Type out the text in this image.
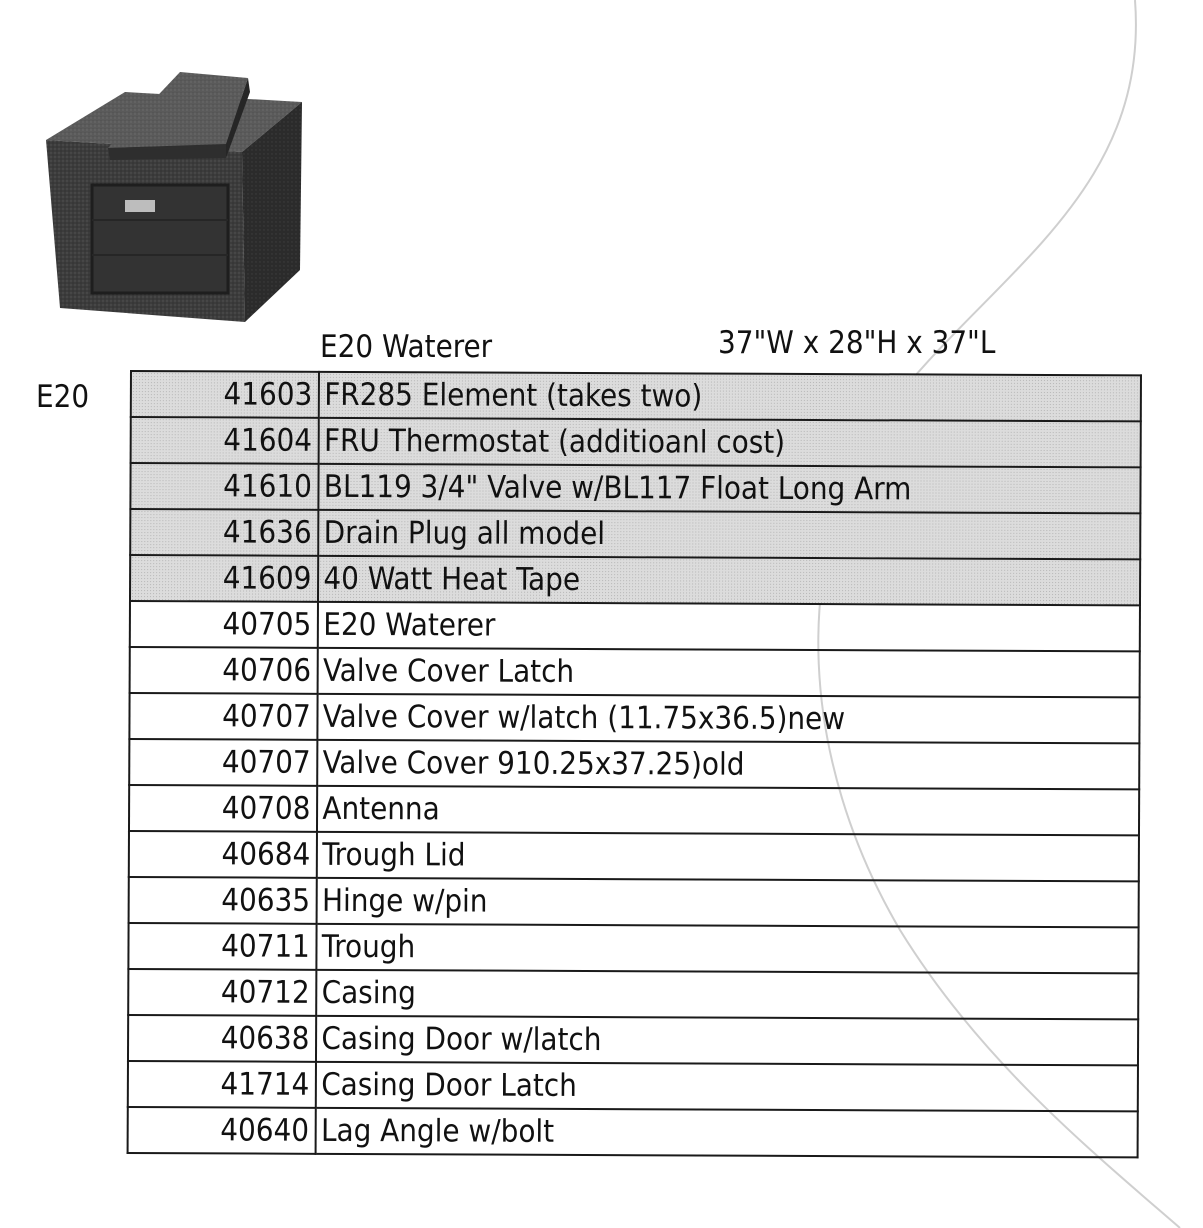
E20
E20 Waterer	37"W x 28"H x 37"L
41603	FR285 Element (takes two)
41604	FRU Thermostat (additioanl cost)
41610	BL119 3/4" Valve w/BL117 Float Long Arm
41636	Drain Plug all model
41609	40 Watt Heat Tape
40705	E20 Waterer
40706	Valve Cover Latch
40707	Valve Cover w/latch (11.75x36.5)new
40707	Valve Cover 910.25x37.25)old
40708	Antenna
40684	Trough Lid
40635	Hinge w/pin
40711	Trough
40712	Casing
40638	Casing Door w/latch
41714	Casing Door Latch
40640	Lag Angle w/bolt
